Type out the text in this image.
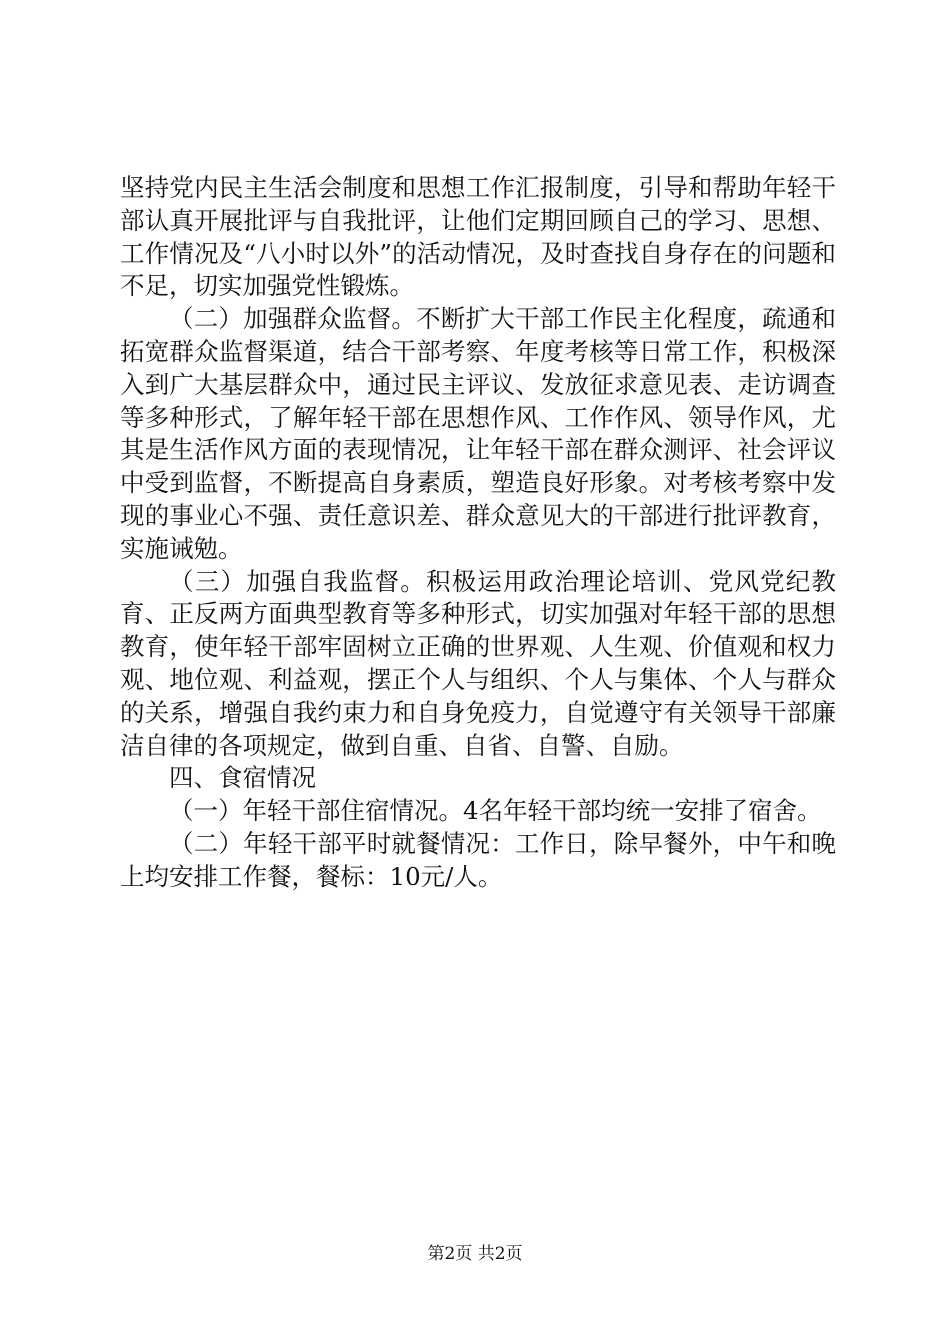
坚持党内民主生活会制度和思想工作汇报制度，引导和帮助年轻干部认真开展批评与自我批评，让他们定期回顾自己的学习、思想、工作情况及“八小时以外”的活动情况，及时查找自身存在的问题和不足，切实加强党性锻炼。

（二）加强群众监督。不断扩大干部工作民主化程度，疏通和拓宽群众监督渠道，结合干部考察、年度考核等日常工作，积极深入到广大基层群众中，通过民主评议、发放征求意见表、走访调查等多种形式，了解年轻干部在思想作风、工作作风、领导作风，尤其是生活作风方面的表现情况，让年轻干部在群众测评、社会评议中受到监督，不断提高自身素质，塑造良好形象。对考核考察中发现的事业心不强、责任意识差、群众意见大的干部进行批评教育，实施诫勉。

（三）加强自我监督。积极运用政治理论培训、党风党纪教育、正反两方面典型教育等多种形式，切实加强对年轻干部的思想教育，使年轻干部牢固树立正确的世界观、人生观、价值观和权力观、地位观、利益观，摆正个人与组织、个人与集体、个人与群众的关系，增强自我约束力和自身免疫力，自觉遵守有关领导干部廉洁自律的各项规定，做到自重、自省、自警、自励。

四、食宿情况

（一）年轻干部住宿情况。4名年轻干部均统一安排了宿舍。

（二）年轻干部平时就餐情况：工作日，除早餐外，中午和晚上均安排工作餐，餐标：10元/人。

第2页 共2页
